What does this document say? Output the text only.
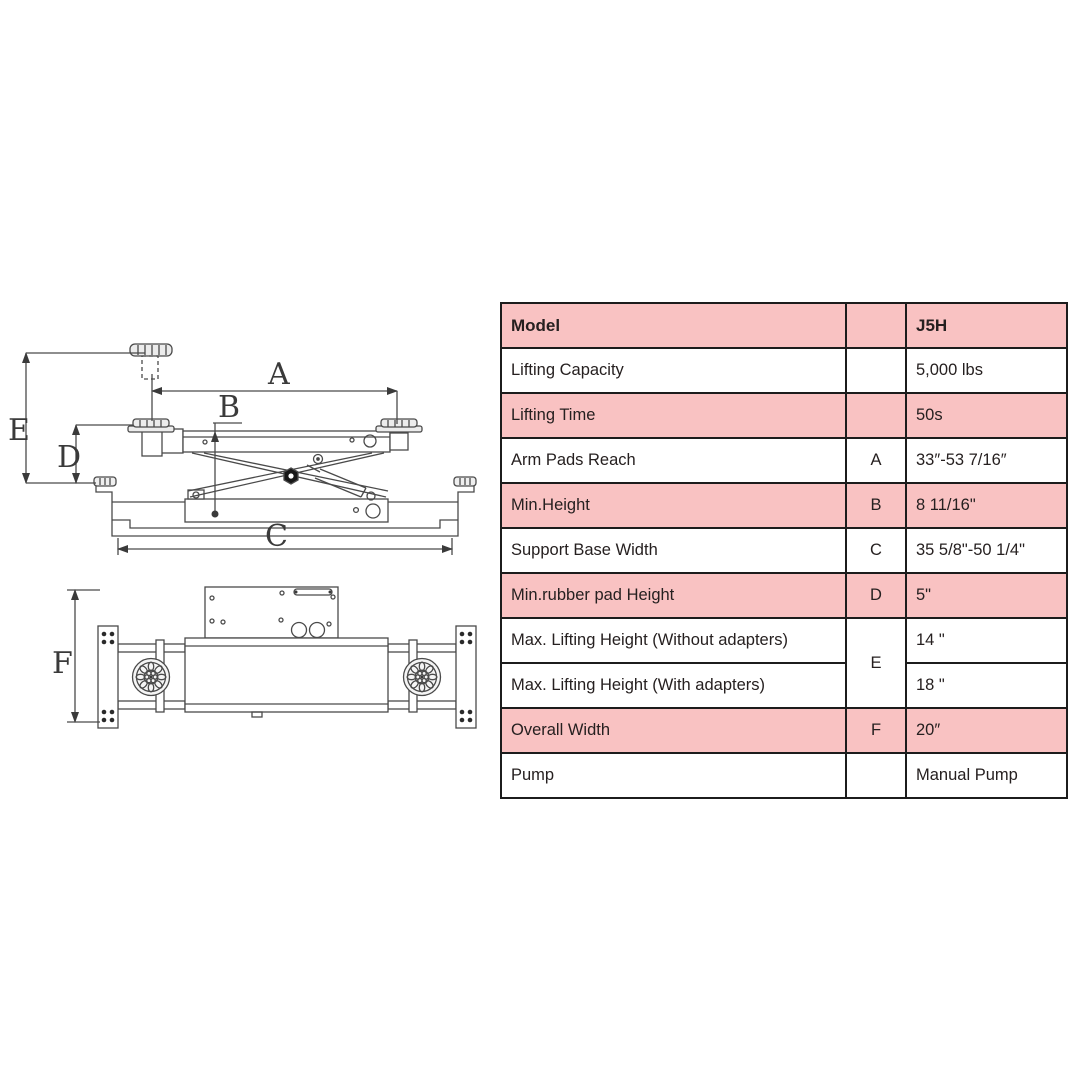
E
D
A
B
C
F
Model		J5H
Lifting Capacity		5,000 lbs
Lifting Time		50s
Arm Pads Reach	A	33″-53 7/16″
Min.Height	B	8 11/16"
Support Base Width	C	35 5/8"-50 1/4"
Min.rubber pad Height	D	5"
Max. Lifting Height (Without adapters)	E	14 "
Max. Lifting Height (With adapters)		18 "
Overall Width	F	20″
Pump		Manual Pump
